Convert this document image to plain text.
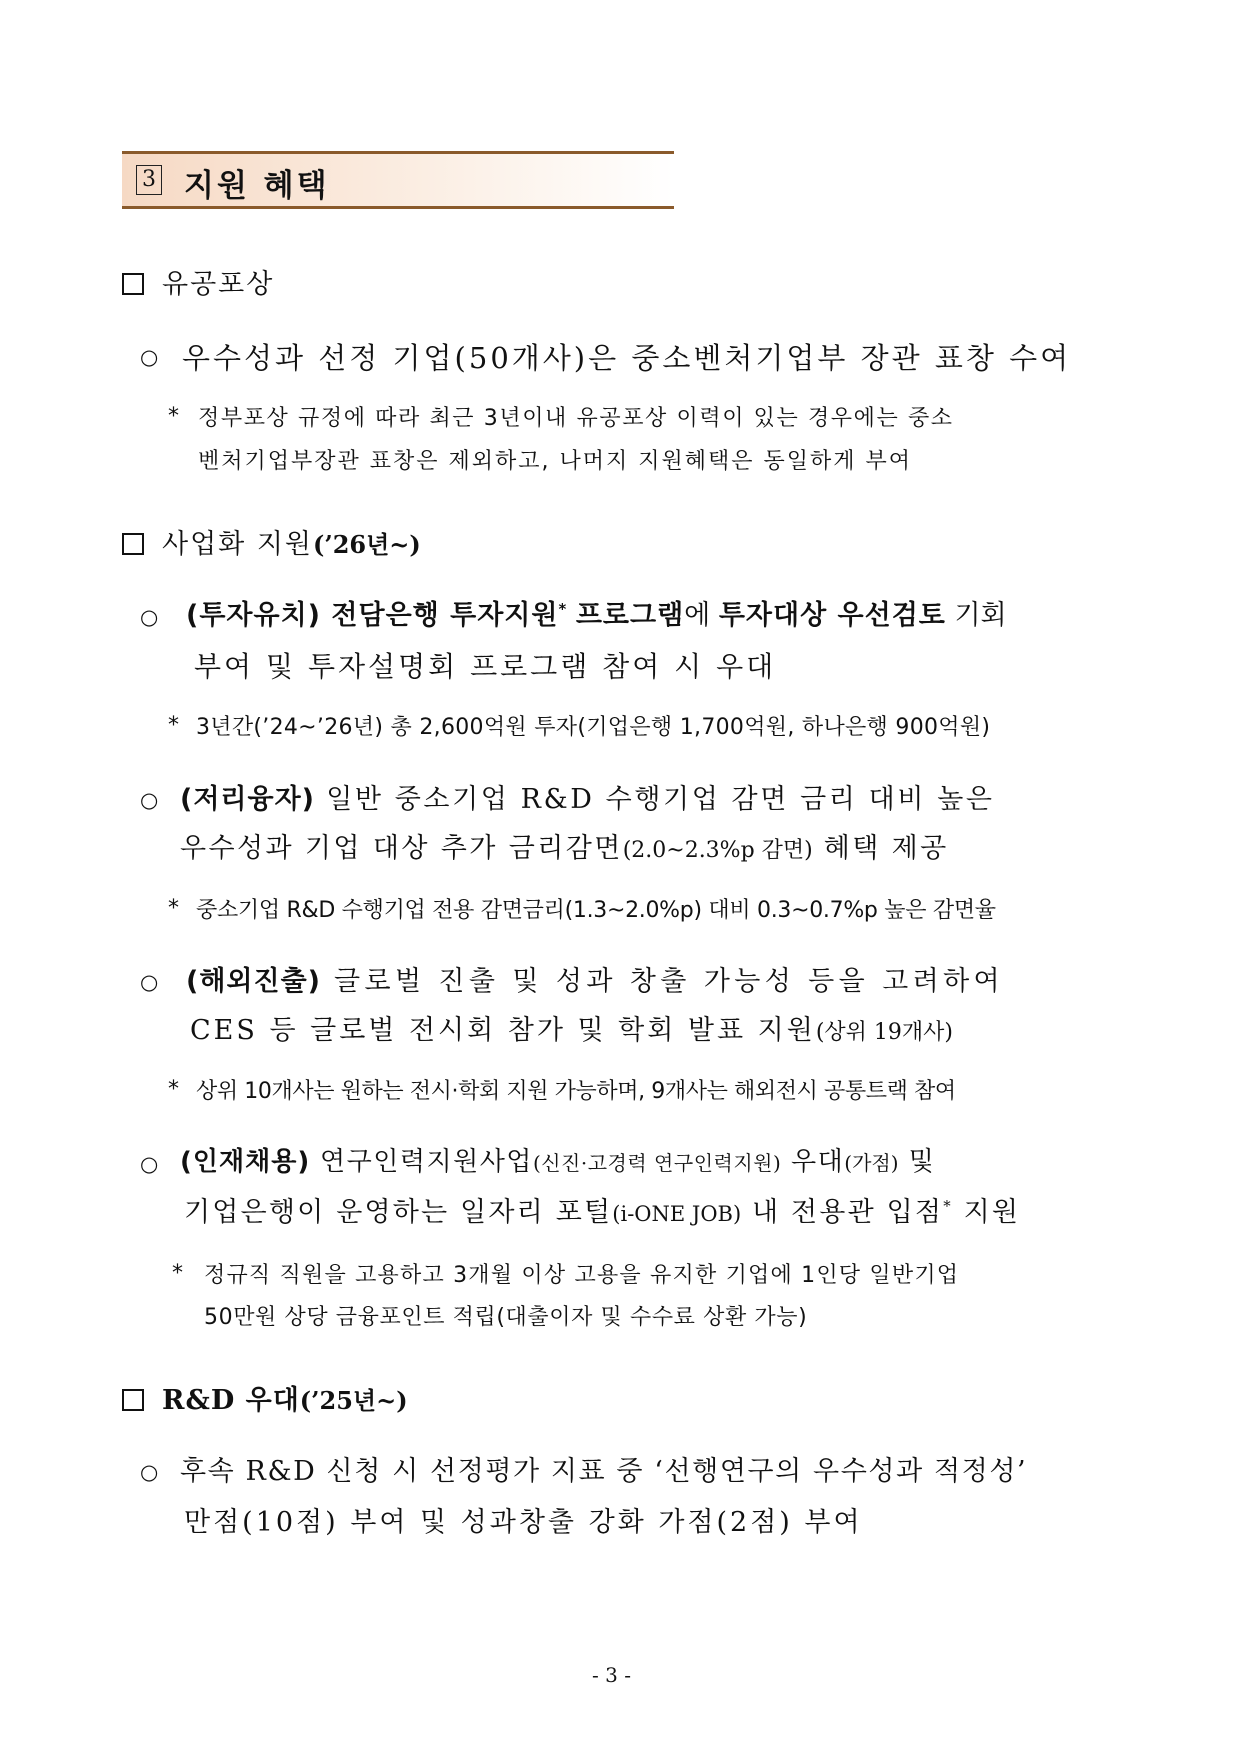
3 지원 혜택
유공포상
○ 우수성과 선정 기업(50개사)은 중소벤처기업부 장관 표창 수여
* 정부포상 규정에 따라 최근 3년이내 유공포상 이력이 있는 경우에는 중소
벤처기업부장관 표창은 제외하고, 나머지 지원혜택은 동일하게 부여
사업화 지원(’26년~)
○ (투자유치) 전담은행 투자지원* 프로그램에 투자대상 우선검토 기회
부여 및 투자설명회 프로그램 참여 시 우대
* 3년간(’24~’26년) 총 2,600억원 투자(기업은행 1,700억원, 하나은행 900억원)
○ (저리융자) 일반 중소기업 R&D 수행기업 감면 금리 대비 높은
우수성과 기업 대상 추가 금리감면(2.0~2.3%p 감면) 혜택 제공
* 중소기업 R&D 수행기업 전용 감면금리(1.3~2.0%p) 대비 0.3~0.7%p 높은 감면율
○ (해외진출) 글로벌 진출 및 성과 창출 가능성 등을 고려하여
CES 등 글로벌 전시회 참가 및 학회 발표 지원(상위 19개사)
* 상위 10개사는 원하는 전시·학회 지원 가능하며, 9개사는 해외전시 공통트랙 참여
○ (인재채용) 연구인력지원사업(신진·고경력 연구인력지원) 우대(가점) 및
기업은행이 운영하는 일자리 포털(i-ONE JOB) 내 전용관 입점* 지원
* 정규직 직원을 고용하고 3개월 이상 고용을 유지한 기업에 1인당 일반기업
50만원 상당 금융포인트 적립(대출이자 및 수수료 상환 가능)
R&D 우대(’25년~)
○ 후속 R&D 신청 시 선정평가 지표 중 ‘선행연구의 우수성과 적정성’
만점(10점) 부여 및 성과창출 강화 가점(2점) 부여
- 3 -
